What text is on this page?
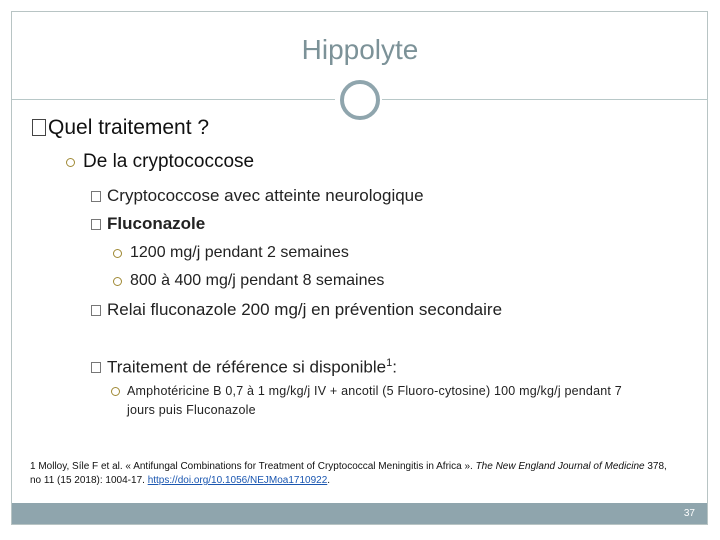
Hippolyte
Quel traitement ?
De la cryptococcose
Cryptococcose avec atteinte neurologique
Fluconazole
1200 mg/j pendant 2 semaines
800 à 400 mg/j pendant 8 semaines
Relai fluconazole 200 mg/j en prévention secondaire
Traitement de référence si disponible$^1$:
Amphotéricine B 0,7 à 1 mg/kg/j IV + ancotil (5 Fluoro-cytosine) 100 mg/kg/j pendant 7 jours puis Fluconazole
1 Molloy, Síle F et al. « Antifungal Combinations for Treatment of Cryptococcal Meningitis in Africa ». The New England Journal of Medicine 378, no 11 (15 2018): 1004‑17. https://doi.org/10.1056/NEJMoa1710922.
37
